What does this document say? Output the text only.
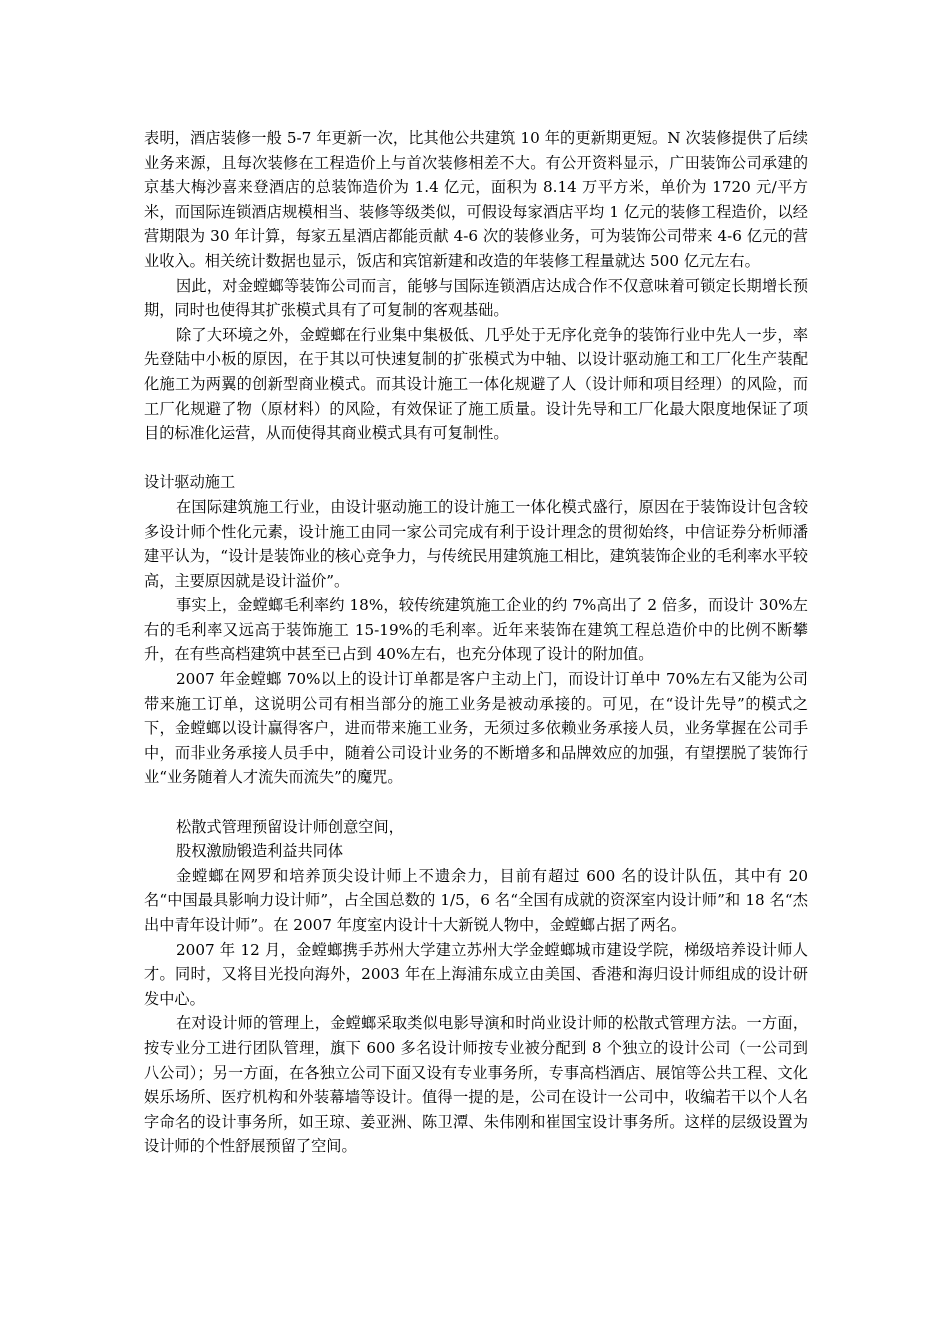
表明，酒店装修一般 5-7 年更新一次，比其他公共建筑 10 年的更新期更短。N 次装修提供了后续业务来源，且每次装修在工程造价上与首次装修相差不大。有公开资料显示，广田装饰公司承建的京基大梅沙喜来登酒店的总装饰造价为 1.4 亿元，面积为 8.14 万平方米，单价为 1720 元/平方米，而国际连锁酒店规模相当、装修等级类似，可假设每家酒店平均 1 亿元的装修工程造价，以经营期限为 30 年计算，每家五星酒店都能贡献 4-6 次的装修业务，可为装饰公司带来 4-6 亿元的营业收入。相关统计数据也显示，饭店和宾馆新建和改造的年装修工程量就达 500 亿元左右。

因此，对金螳螂等装饰公司而言，能够与国际连锁酒店达成合作不仅意味着可锁定长期增长预期，同时也使得其扩张模式具有了可复制的客观基础。

除了大环境之外，金螳螂在行业集中集极低、几乎处于无序化竞争的装饰行业中先人一步，率先登陆中小板的原因，在于其以可快速复制的扩张模式为中轴、以设计驱动施工和工厂化生产装配化施工为两翼的创新型商业模式。而其设计施工一体化规避了人（设计师和项目经理）的风险，而工厂化规避了物（原材料）的风险，有效保证了施工质量。设计先导和工厂化最大限度地保证了项目的标准化运营，从而使得其商业模式具有可复制性。

设计驱动施工

在国际建筑施工行业，由设计驱动施工的设计施工一体化模式盛行，原因在于装饰设计包含较多设计师个性化元素，设计施工由同一家公司完成有利于设计理念的贯彻始终，中信证券分析师潘建平认为，“设计是装饰业的核心竞争力，与传统民用建筑施工相比，建筑装饰企业的毛利率水平较高，主要原因就是设计溢价”。

事实上，金螳螂毛利率约 18%，较传统建筑施工企业的约 7%高出了 2 倍多，而设计 30%左右的毛利率又远高于装饰施工 15-19%的毛利率。近年来装饰在建筑工程总造价中的比例不断攀升，在有些高档建筑中甚至已占到 40%左右，也充分体现了设计的附加值。

2007 年金螳螂 70%以上的设计订单都是客户主动上门，而设计订单中 70%左右又能为公司带来施工订单，这说明公司有相当部分的施工业务是被动承接的。可见，在“设计先导”的模式之下，金螳螂以设计赢得客户，进而带来施工业务，无须过多依赖业务承接人员，业务掌握在公司手中，而非业务承接人员手中，随着公司设计业务的不断增多和品牌效应的加强，有望摆脱了装饰行业“业务随着人才流失而流失”的魔咒。

松散式管理预留设计师创意空间，

股权激励锻造利益共同体

金螳螂在网罗和培养顶尖设计师上不遗余力，目前有超过 600 名的设计队伍，其中有 20 名“中国最具影响力设计师”，占全国总数的 1/5，6 名“全国有成就的资深室内设计师”和 18 名“杰出中青年设计师”。在 2007 年度室内设计十大新锐人物中，金螳螂占据了两名。

2007 年 12 月，金螳螂携手苏州大学建立苏州大学金螳螂城市建设学院，梯级培养设计师人才。同时，又将目光投向海外，2003 年在上海浦东成立由美国、香港和海归设计师组成的设计研发中心。

在对设计师的管理上，金螳螂采取类似电影导演和时尚业设计师的松散式管理方法。一方面，按专业分工进行团队管理，旗下 600 多名设计师按专业被分配到 8 个独立的设计公司（一公司到八公司）；另一方面，在各独立公司下面又设有专业事务所，专事高档酒店、展馆等公共工程、文化娱乐场所、医疗机构和外装幕墙等设计。值得一提的是，公司在设计一公司中，收编若干以个人名字命名的设计事务所，如王琼、姜亚洲、陈卫潭、朱伟刚和崔国宝设计事务所。这样的层级设置为设计师的个性舒展预留了空间。
